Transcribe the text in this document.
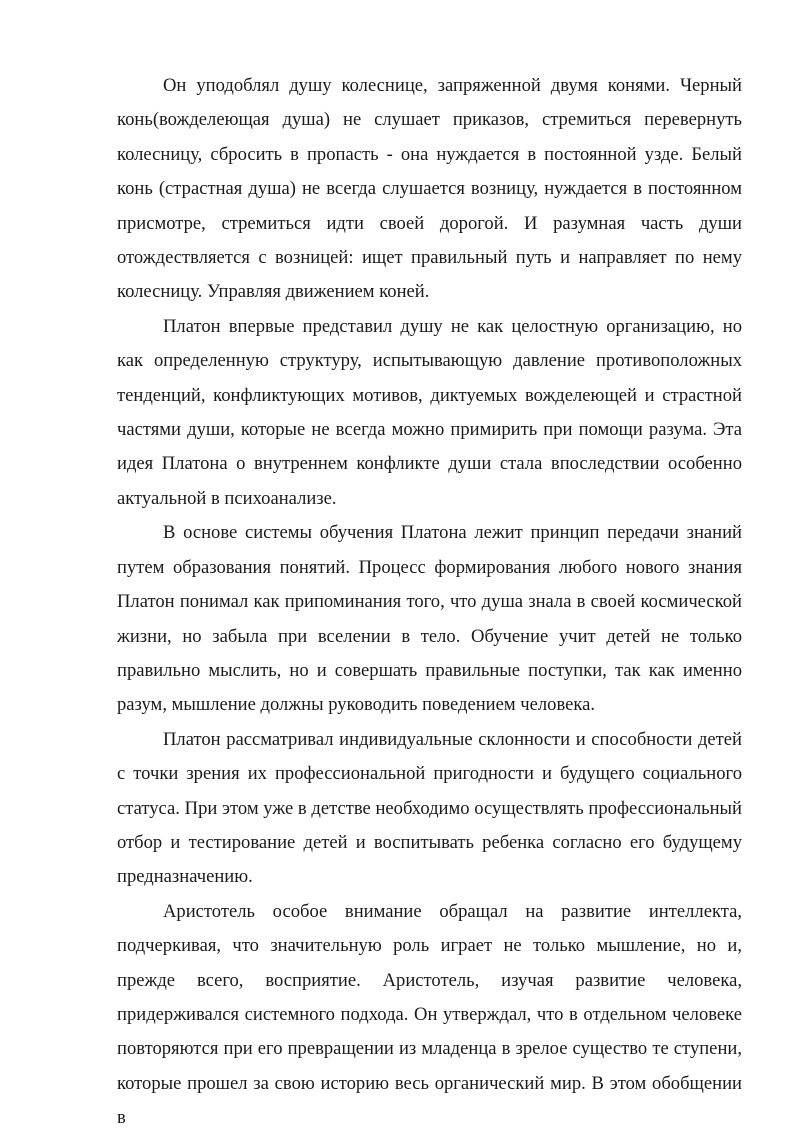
Он уподоблял душу колеснице, запряженной двумя конями. Черный конь(вожделеющая душа) не слушает приказов, стремиться перевернуть колесницу, сбросить в пропасть - она нуждается в постоянной узде. Белый конь (страстная душа) не всегда слушается возницу, нуждается в постоянном присмотре, стремиться идти своей дорогой. И разумная часть души отождествляется с возницей: ищет правильный путь и направляет по нему колесницу. Управляя движением коней.

Платон впервые представил душу не как целостную организацию, но как определенную структуру, испытывающую давление противоположных тенденций, конфликтующих мотивов, диктуемых вожделеющей и страстной частями души, которые не всегда можно примирить при помощи разума. Эта идея Платона о внутреннем конфликте души стала впоследствии особенно актуальной в психоанализе.

В основе системы обучения Платона лежит принцип передачи знаний путем образования понятий. Процесс формирования любого нового знания Платон понимал как припоминания того, что душа знала в своей космической жизни, но забыла при вселении в тело. Обучение учит детей не только правильно мыслить, но и совершать правильные поступки, так как именно разум, мышление должны руководить поведением человека.

Платон рассматривал индивидуальные склонности и способности детей с точки зрения их профессиональной пригодности и будущего социального статуса. При этом уже в детстве необходимо осуществлять профессиональный отбор и тестирование детей и воспитывать ребенка согласно его будущему предназначению.

Аристотель особое внимание обращал на развитие интеллекта, подчеркивая, что значительную роль играет не только мышление, но и, прежде всего, восприятие. Аристотель, изучая развитие человека, придерживался системного подхода. Он утверждал, что в отдельном человеке повторяются при его превращении из младенца в зрелое существо те ступени, которые прошел за свою историю весь органический мир. В этом обобщении в
